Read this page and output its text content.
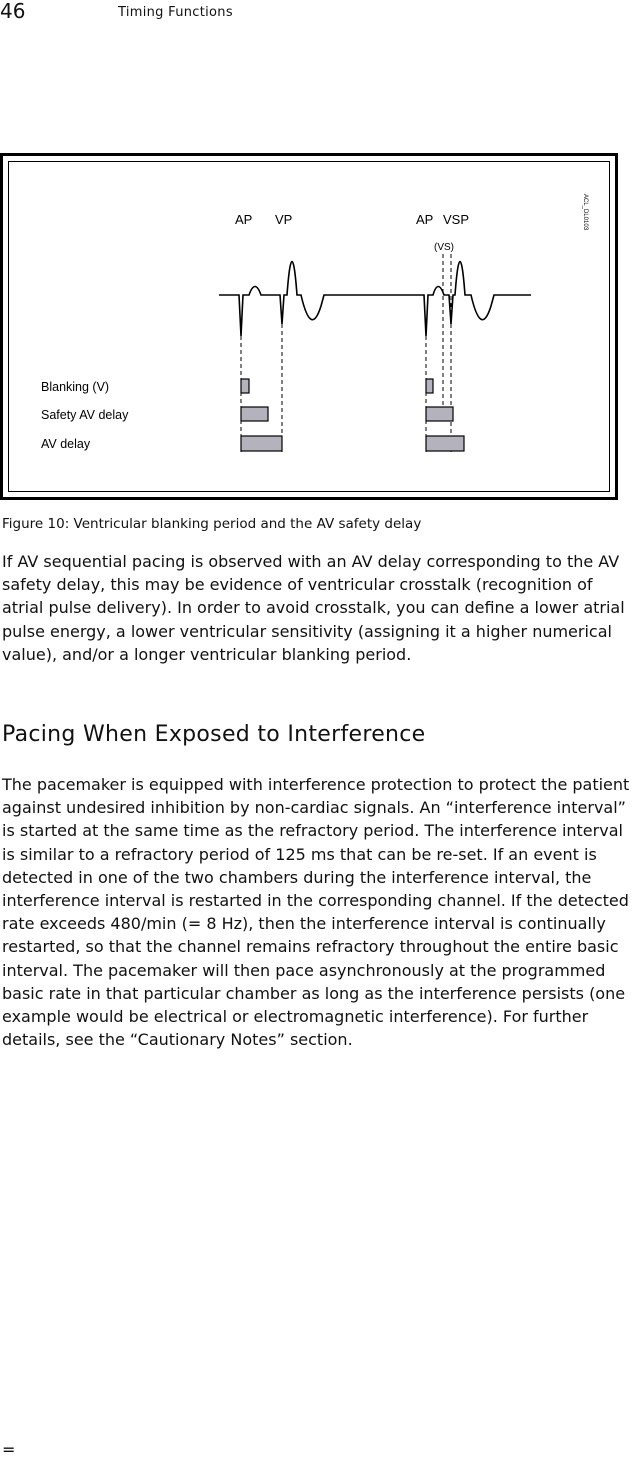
46	Timing Functions
AP VP	AP VSP
(VS)
ACL_DL0103
Blanking (V)
Safety AV delay
AV delay
Figure 10: Ventricular blanking period and the AV safety delay

If AV sequential pacing is observed with an AV delay corresponding to the AV safety delay, this may be evidence of ventricular crosstalk (recognition of atrial pulse delivery). In order to avoid crosstalk, you can define a lower atrial pulse energy, a lower ventricular sensitivity (assigning it a higher numerical value), and/or a longer ventricular blanking period.

Pacing When Exposed to Interference

The pacemaker is equipped with interference protection to protect the patient against undesired inhibition by non-cardiac signals. An “interference interval” is started at the same time as the refractory period. The interference interval is similar to a refractory period of 125 ms that can be re-set. If an event is detected in one of the two chambers during the interference interval, the interference interval is restarted in the corresponding channel. If the detected rate exceeds 480/min (= 8 Hz), then the interference interval is continually restarted, so that the channel remains refractory throughout the entire basic interval. The pacemaker will then pace asynchronously at the programmed basic rate in that particular chamber as long as the interference persists (one example would be electrical or electromagnetic interference). For further details, see the “Cautionary Notes” section.

=
